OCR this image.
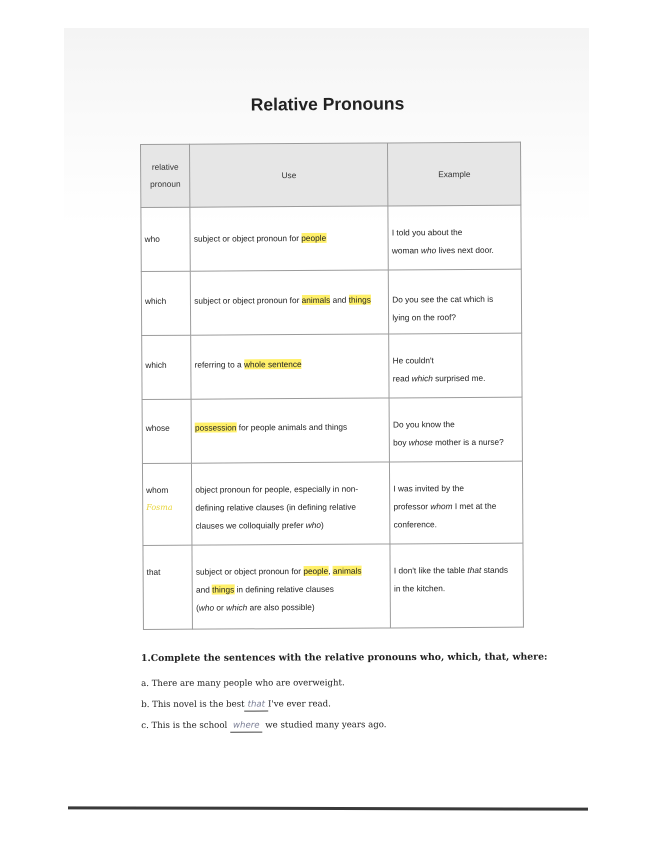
Relative Pronouns
relative pronoun	Use	Example
who	subject or object pronoun for people	I told you about the
woman who lives next door.
which	subject or object pronoun for animals and things	Do you see the cat which is
lying on the roof?
which	referring to a whole sentence	He couldn't
read which surprised me.
whose	possession for people animals and things	Do you know the
boy whose mother is a nurse?
whom
Fosma	object pronoun for people, especially in non-
defining relative clauses (in defining relative
clauses we colloquially prefer who)	I was invited by the
professor whom I met at the
conference.
that	subject or object pronoun for people, animals
and things in defining relative clauses
(who or which are also possible)	I don't like the table that stands
in the kitchen.
1.Complete the sentences with the relative pronouns who, which, that, where:
a. There are many people who are overweight.
b. This novel is the best that I've ever read.
c. This is the school where we studied many years ago.
